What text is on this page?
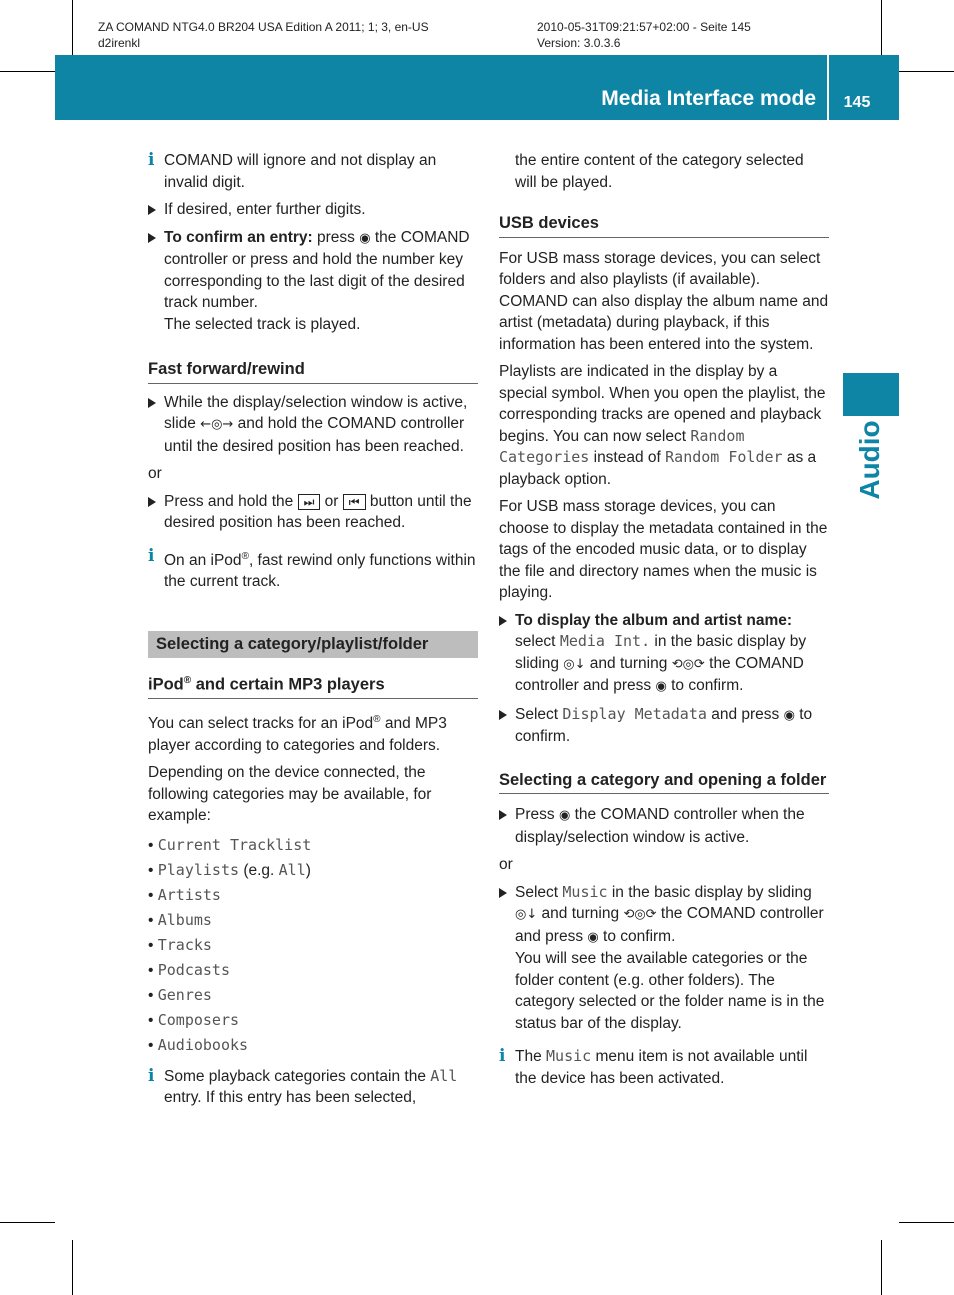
ZA COMAND NTG4.0 BR204 USA Edition A 2011; 1; 3, en-US
d2irenkl
2010-05-31T09:21:57+02:00 - Seite 145
Version: 3.0.3.6
Media Interface mode	145
Audio
i COMAND will ignore and not display an invalid digit.
If desired, enter further digits.
To confirm an entry: press ◉ the COMAND controller or press and hold the number key corresponding to the last digit of the desired track number.
The selected track is played.
Fast forward/rewind
While the display/selection window is active, slide ←◎→ and hold the COMAND controller until the desired position has been reached.
or
Press and hold the ⏭ or ⏮ button until the desired position has been reached.
i On an iPod®, fast rewind only functions within the current track.
Selecting a category/playlist/folder
iPod® and certain MP3 players
You can select tracks for an iPod® and MP3 player according to categories and folders.
Depending on the device connected, the following categories may be available, for example:
• Current Tracklist
• Playlists (e.g. All)
• Artists
• Albums
• Tracks
• Podcasts
• Genres
• Composers
• Audiobooks
i Some playback categories contain the All entry. If this entry has been selected,
the entire content of the category selected will be played.
USB devices
For USB mass storage devices, you can select folders and also playlists (if available). COMAND can also display the album name and artist (metadata) during playback, if this information has been entered into the system.
Playlists are indicated in the display by a special symbol. When you open the playlist, the corresponding tracks are opened and playback begins. You can now select Random Categories instead of Random Folder as a playback option.
For USB mass storage devices, you can choose to display the metadata contained in the tags of the encoded music data, or to display the file and directory names when the music is playing.
To display the album and artist name:
select Media Int. in the basic display by sliding ◎↓ and turning ⟲◎⟳ the COMAND controller and press ◉ to confirm.
Select Display Metadata and press ◉ to confirm.
Selecting a category and opening a folder
Press ◉ the COMAND controller when the display/selection window is active.
or
Select Music in the basic display by sliding ◎↓ and turning ⟲◎⟳ the COMAND controller and press ◉ to confirm.
You will see the available categories or the folder content (e.g. other folders). The category selected or the folder name is in the status bar of the display.
i The Music menu item is not available until the device has been activated.
